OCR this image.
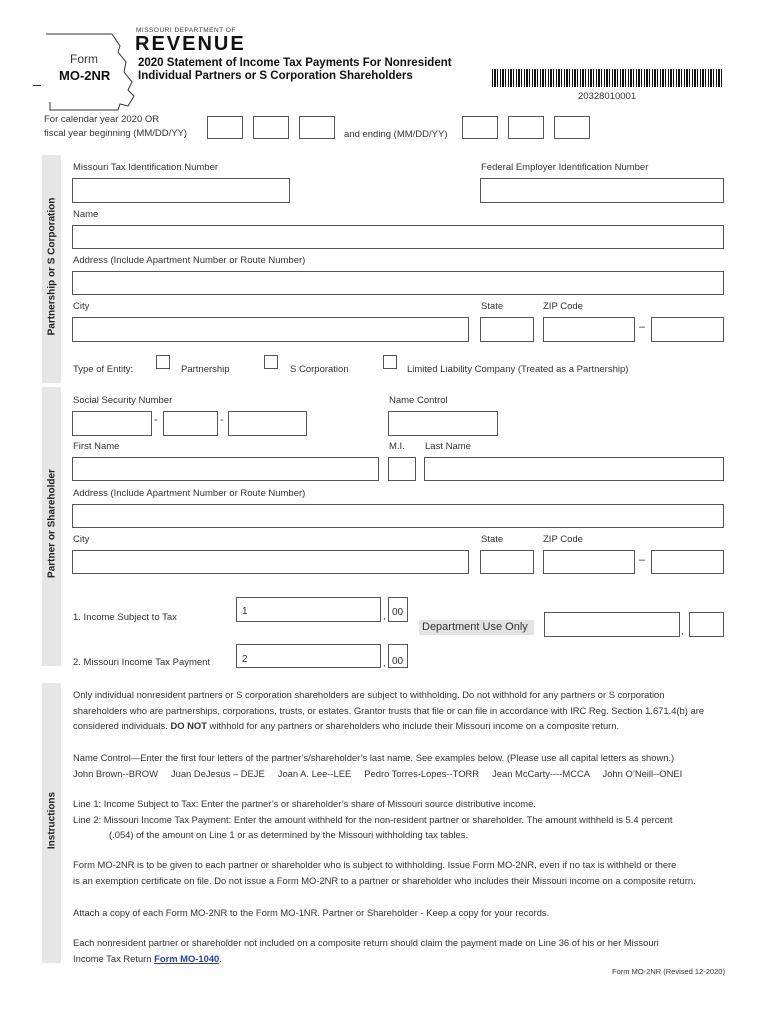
Form
MO-2NR
MISSOURI DEPARTMENT OF
REVENUE
2020 Statement of Income Tax Payments For Nonresident
Individual Partners or S Corporation Shareholders
20328010001
For calendar year 2020 OR
fiscal year beginning (MM/DD/YY)	and ending (MM/DD/YY)
Partnership or S Corporation
Missouri Tax Identification Number	Federal Employer Identification Number
Name
Address (Include Apartment Number or Route Number)
City	State	ZIP Code
–
Type of Entity:	Partnership	S Corporation	Limited Liability Company (Treated as a Partnership)
Partner or Shareholder
Social Security Number	Name Control
-	-
First Name	M.I. Last Name
Address (Include Apartment Number or Route Number)
City	State	ZIP Code
–
1. Income Subject to Tax
1	, 00
Department Use Only	,
2. Missouri Income Tax Payment	2	, 00
Instructions
Only individual nonresident partners or S corporation shareholders are subject to withholding. Do not withhold for any partners or S corporation
shareholders who are partnerships, corporations, trusts, or estates. Grantor trusts that file or can file in accordance with IRC Reg. Section 1.671.4(b) are
considered individuals. DO NOT withhold for any partners or shareholders who include their Missouri income on a composite return.
Name Control—Enter the first four letters of the partner’s/shareholder’s last name. See examples below. (Please use all capital letters as shown.)
John Brown--BROW     Juan DeJesus – DEJE     Joan A. Lee--LEE     Pedro Torres-Lopes--TORR     Jean McCarty----MCCA     John O’Neill--ONEI
Line 1: Income Subject to Tax: Enter the partner’s or shareholder’s share of Missouri source distributive income.
Line 2: Missouri Income Tax Payment: Enter the amount withheld for the non-resident partner or shareholder. The amount withheld is 5.4 percent
(.054) of the amount on Line 1 or as determined by the Missouri withholding tax tables.
Form MO-2NR is to be given to each partner or shareholder who is subject to withholding. Issue Form MO-2NR, even if no tax is withheld or there
is an exemption certificate on file. Do not issue a Form MO-2NR to a partner or shareholder who includes their Missouri income on a composite return.
Attach a copy of each Form MO-2NR to the Form MO-1NR. Partner or Shareholder - Keep a copy for your records.
Each nonresident partner or shareholder not included on a composite return should claim the payment made on Line 36 of his or her Missouri
Income Tax Return Form MO-1040.
Form MO-2NR (Revised 12-2020)
